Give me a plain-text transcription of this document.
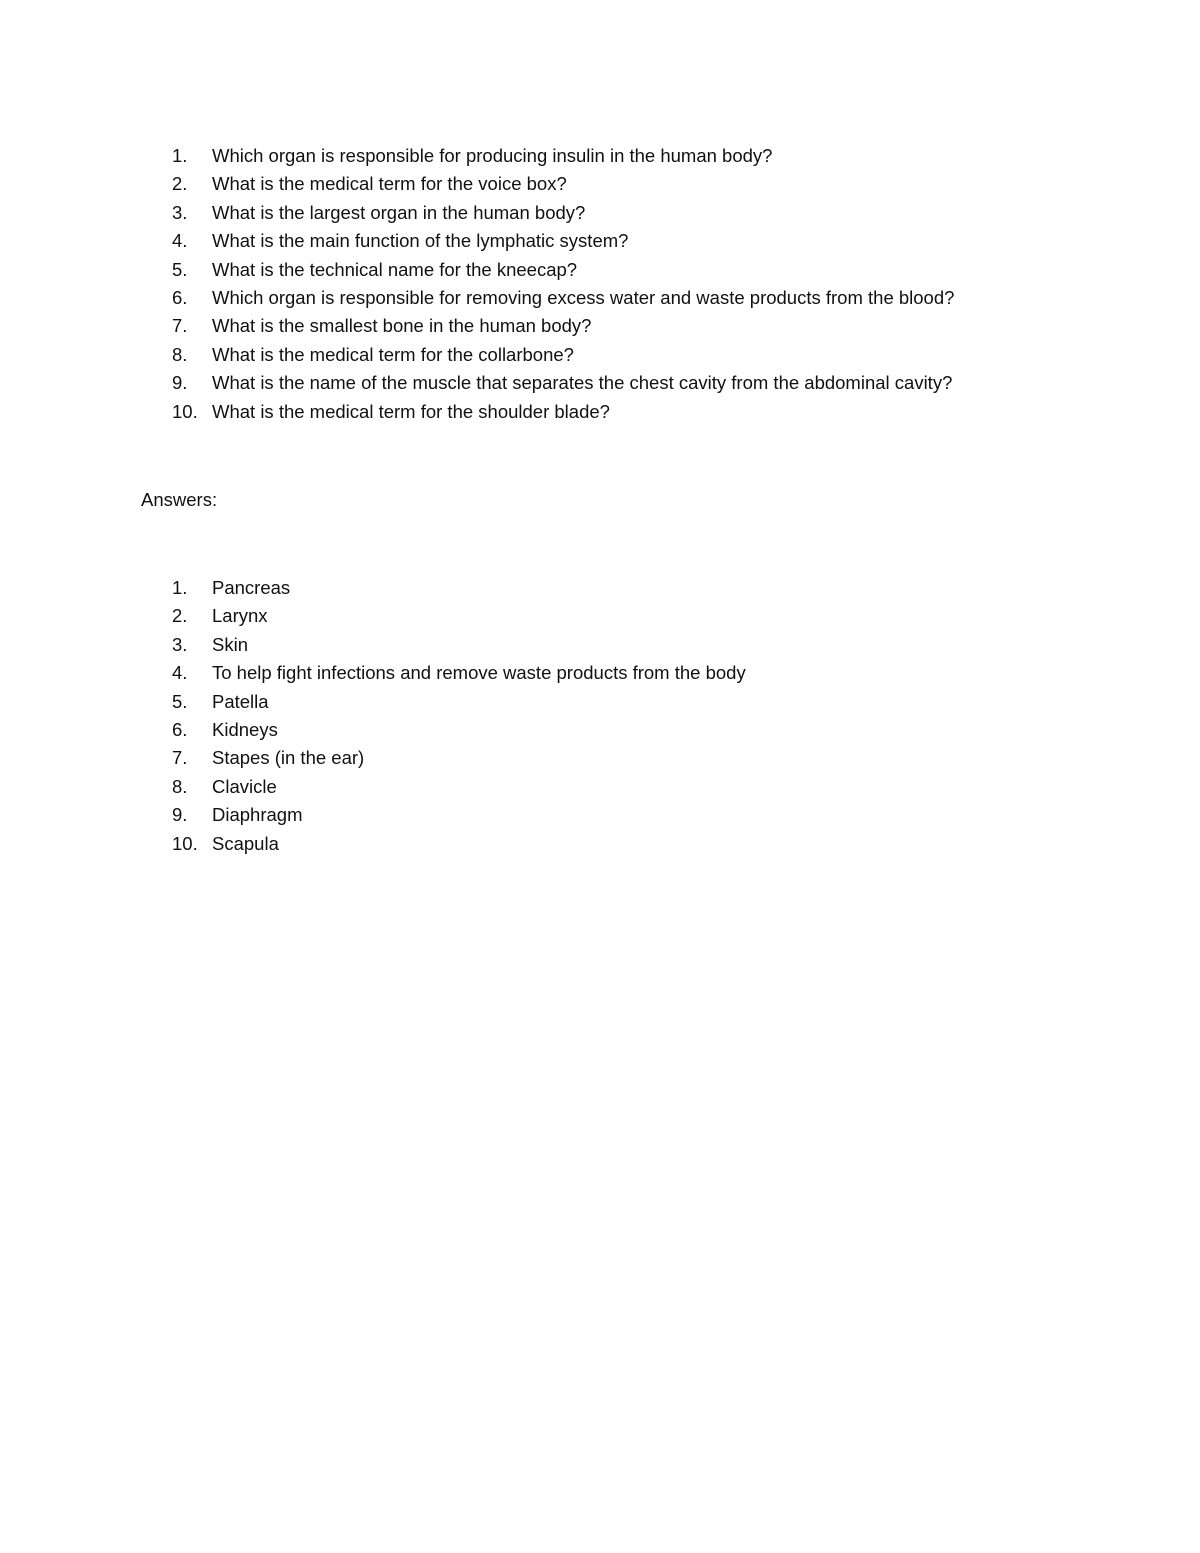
1.	Which organ is responsible for producing insulin in the human body?
2.	What is the medical term for the voice box?
3.	What is the largest organ in the human body?
4.	What is the main function of the lymphatic system?
5.	What is the technical name for the kneecap?
6.	Which organ is responsible for removing excess water and waste products from the blood?
7.	What is the smallest bone in the human body?
8.	What is the medical term for the collarbone?
9.	What is the name of the muscle that separates the chest cavity from the abdominal cavity?
10. What is the medical term for the shoulder blade?

Answers:

1.	Pancreas
2.	Larynx
3.	Skin
4.	To help fight infections and remove waste products from the body
5.	Patella
6.	Kidneys
7.	Stapes (in the ear)
8.	Clavicle
9.	Diaphragm
10. Scapula
